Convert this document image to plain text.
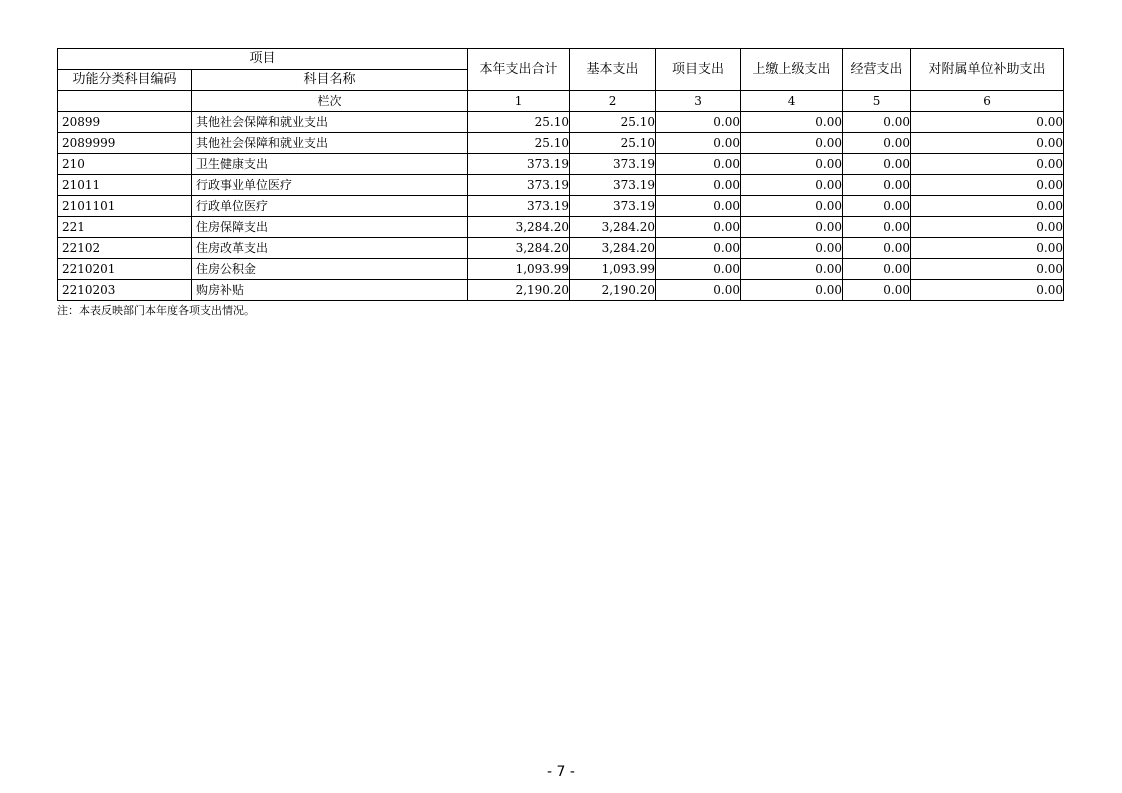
项目		本年支出合计	基本支出	项目支出	上缴上级支出	经营支出	对附属单位补助支出
功能分类科目编码	科目名称						
	栏次	1	2	3	4	5	6
20899	其他社会保障和就业支出	25.10	25.10	0.00	0.00	0.00	0.00
2089999	其他社会保障和就业支出	25.10	25.10	0.00	0.00	0.00	0.00
210	卫生健康支出	373.19	373.19	0.00	0.00	0.00	0.00
21011	行政事业单位医疗	373.19	373.19	0.00	0.00	0.00	0.00
2101101	行政单位医疗	373.19	373.19	0.00	0.00	0.00	0.00
221	住房保障支出	3,284.20	3,284.20	0.00	0.00	0.00	0.00
22102	住房改革支出	3,284.20	3,284.20	0.00	0.00	0.00	0.00
2210201	住房公积金	1,093.99	1,093.99	0.00	0.00	0.00	0.00
2210203	购房补贴	2,190.20	2,190.20	0.00	0.00	0.00	0.00
注：本表反映部门本年度各项支出情况。
- 7 -
